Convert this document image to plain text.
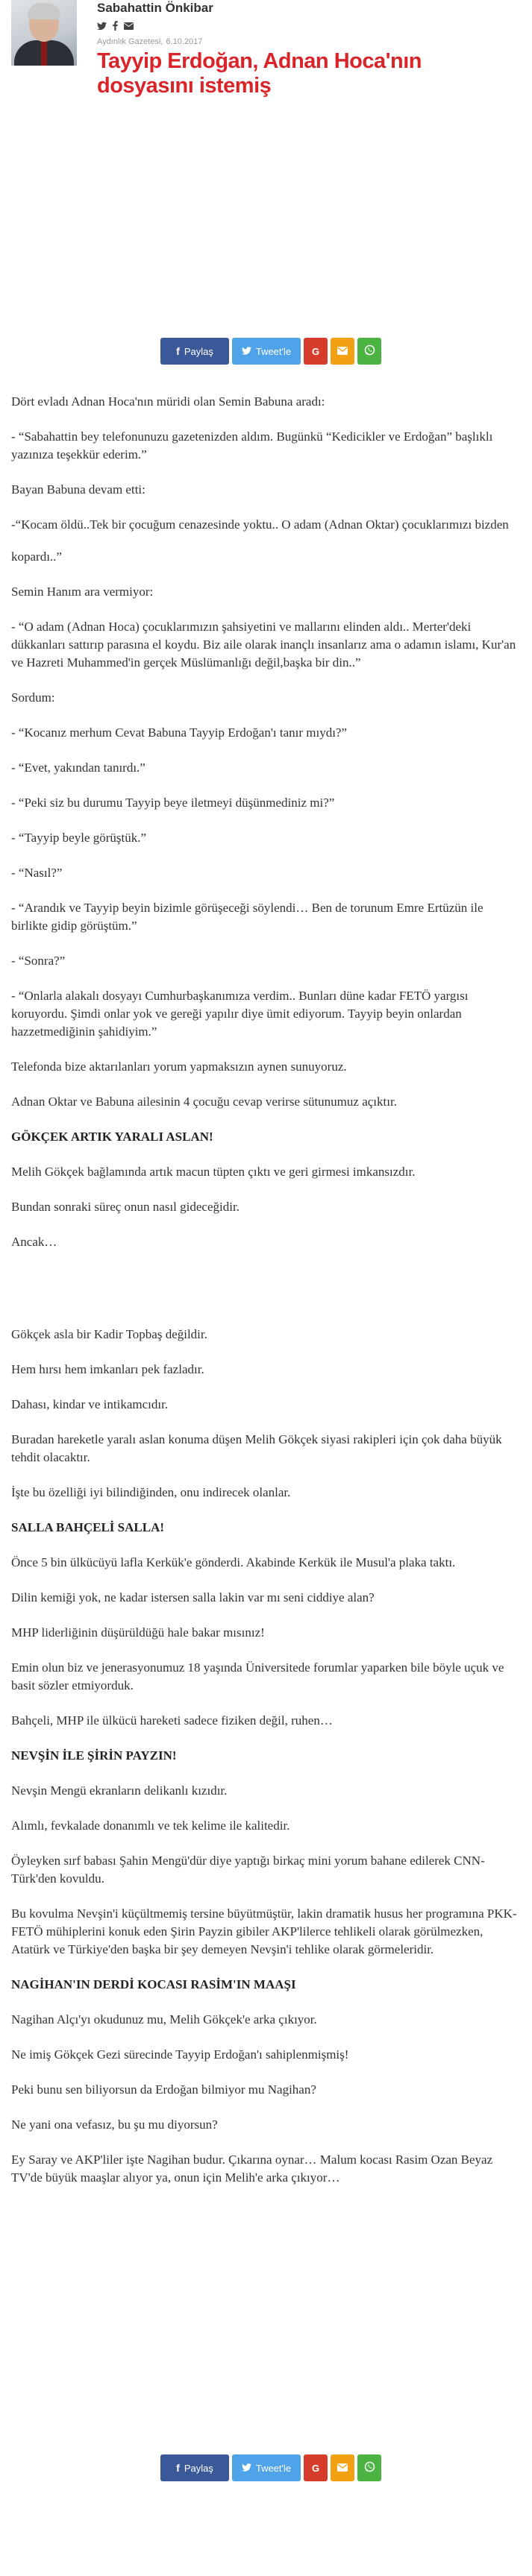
Sabahattin Önkibar
Aydınlık Gazetesi, 6.10.2017
Tayyip Erdoğan, Adnan Hoca'nın dosyasını istemiş
f Paylaş	Tweet'le G

Dört evladı Adnan Hoca'nın müridi olan Semin Babuna aradı:

- “Sabahattin bey telefonunuzu gazetenizden aldım. Bugünkü “Kedicikler ve Erdoğan” başlıklı yazınıza teşekkür ederim.”

Bayan Babuna devam etti:

-“Kocam öldü..Tek bir çocuğum cenazesinde yoktu.. O adam (Adnan Oktar) çocuklarımızı bizden

kopardı..”

Semin Hanım ara vermiyor:

- “O adam (Adnan Hoca) çocuklarımızın şahsiyetini ve mallarını elinden aldı.. Merter'deki dükkanları sattırıp parasına el koydu. Biz aile olarak inançlı insanlarız ama o adamın islamı, Kur'an ve Hazreti Muhammed'in gerçek Müslümanlığı değil,başka bir din..”

Sordum:

- “Kocanız merhum Cevat Babuna Tayyip Erdoğan'ı tanır mıydı?”

- “Evet, yakından tanırdı.”

- “Peki siz bu durumu Tayyip beye iletmeyi düşünmediniz mi?”

- “Tayyip beyle görüştük.”

- “Nasıl?”

- “Arandık ve Tayyip beyin bizimle görüşeceği söylendi… Ben de torunum Emre Ertüzün ile birlikte gidip görüştüm.”

- “Sonra?”

- “Onlarla alakalı dosyayı Cumhurbaşkanımıza verdim.. Bunları düne kadar FETÖ yargısı koruyordu. Şimdi onlar yok ve gereği yapılır diye ümit ediyorum. Tayyip beyin onlardan hazzetmediğinin şahidiyim.”

Telefonda bize aktarılanları yorum yapmaksızın aynen sunuyoruz.

Adnan Oktar ve Babuna ailesinin 4 çocuğu cevap verirse sütunumuz açıktır.

GÖKÇEK ARTIK YARALI ASLAN!

Melih Gökçek bağlamında artık macun tüpten çıktı ve geri girmesi imkansızdır.

Bundan sonraki süreç onun nasıl gideceğidir.

Ancak…

Gökçek asla bir Kadir Topbaş değildir.

Hem hırsı hem imkanları pek fazladır.

Dahası, kindar ve intikamcıdır.

Buradan hareketle yaralı aslan konuma düşen Melih Gökçek siyasi rakipleri için çok daha büyük tehdit olacaktır.

İşte bu özelliği iyi bilindiğinden, onu indirecek olanlar.

SALLA BAHÇELİ SALLA!

Önce 5 bin ülkücüyü lafla Kerkük'e gönderdi. Akabinde Kerkük ile Musul'a plaka taktı.

Dilin kemiği yok, ne kadar istersen salla lakin var mı seni ciddiye alan?

MHP liderliğinin düşürüldüğü hale bakar mısınız!

Emin olun biz ve jenerasyonumuz 18 yaşında Üniversitede forumlar yaparken bile böyle uçuk ve basit sözler etmiyorduk.

Bahçeli, MHP ile ülkücü hareketi sadece fiziken değil, ruhen…

NEVŞİN İLE ŞİRİN PAYZIN!

Nevşin Mengü ekranların delikanlı kızıdır.

Alımlı, fevkalade donanımlı ve tek kelime ile kalitedir.

Öyleyken sırf babası Şahin Mengü'dür diye yaptığı birkaç mini yorum bahane edilerek CNN-Türk'den kovuldu.

Bu kovulma Nevşin'i küçültmemiş tersine büyütmüştür, lakin dramatik husus her programına PKK-FETÖ mühiplerini konuk eden Şirin Payzin gibiler AKP'lilerce tehlikeli olarak görülmezken, Atatürk ve Türkiye'den başka bir şey demeyen Nevşin'i tehlike olarak görmeleridir.

NAGİHAN'IN DERDİ KOCASI RASİM'IN MAAŞI

Nagihan Alçı'yı okudunuz mu, Melih Gökçek'e arka çıkıyor.

Ne imiş Gökçek Gezi sürecinde Tayyip Erdoğan'ı sahiplenmişmiş!

Peki bunu sen biliyorsun da Erdoğan bilmiyor mu Nagihan?

Ne yani ona vefasız, bu şu mu diyorsun?

Ey Saray ve AKP'liler işte Nagihan budur. Çıkarına oynar… Malum kocası Rasim Ozan Beyaz TV'de büyük maaşlar alıyor ya, onun için Melih'e arka çıkıyor…

f Paylaş	Tweet'le G
